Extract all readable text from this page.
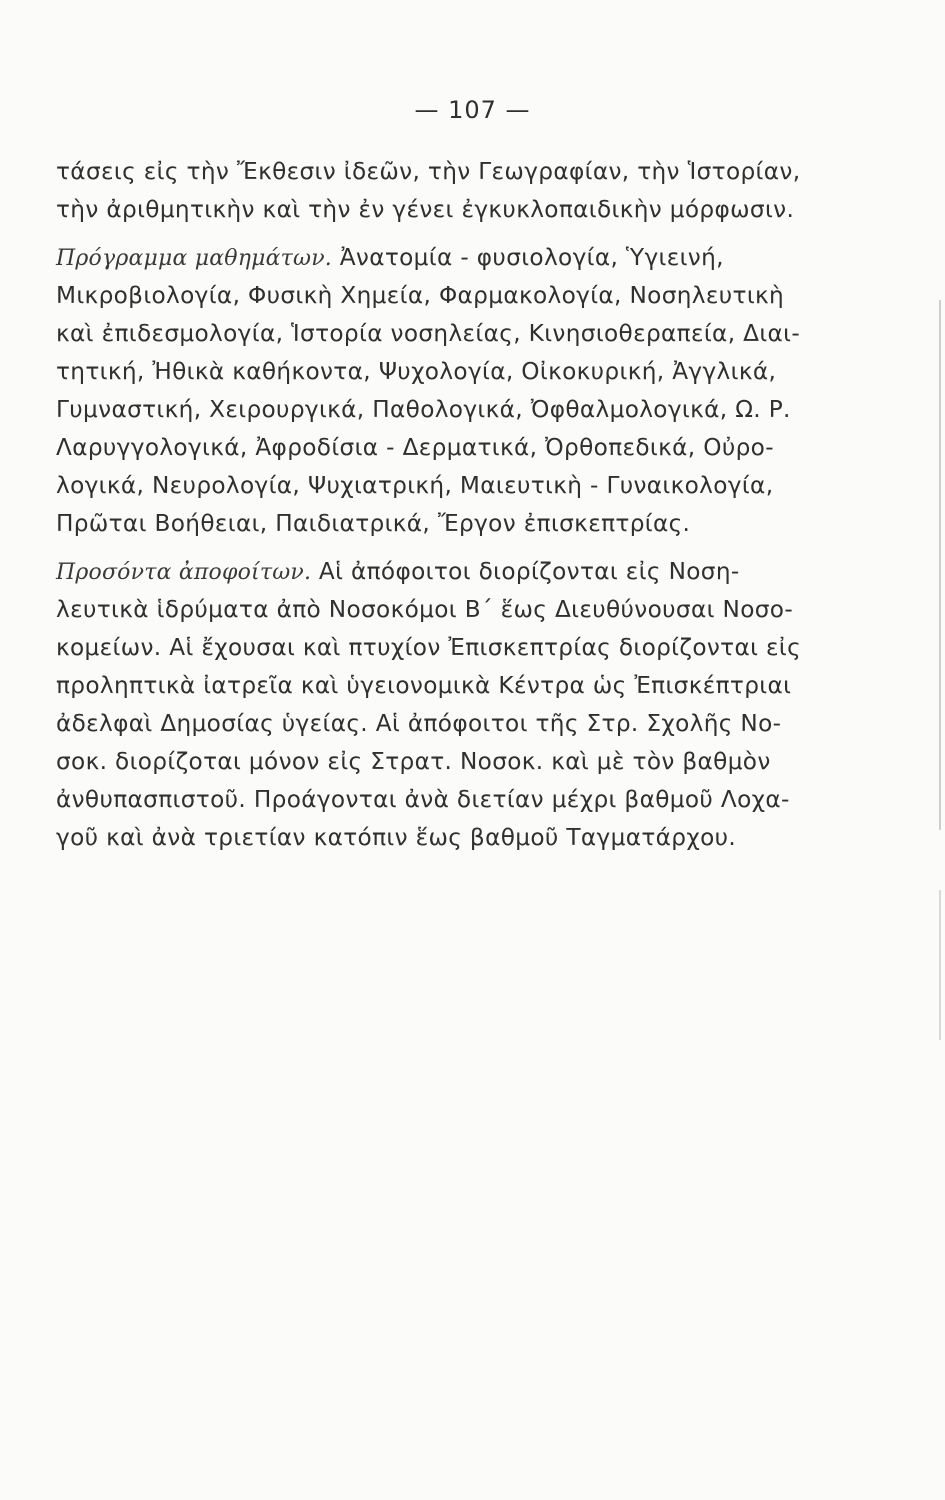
— 107 —
τάσεις εἰς τὴν Ἔκθεσιν ἰδεῶν, τὴν Γεωγραφίαν, τὴν Ἱστορίαν,
τὴν ἀριθμητικὴν καὶ τὴν ἐν γένει ἐγκυκλοπαιδικὴν μόρφωσιν.
Πρόγραμμα μαθημάτων. Ἀνατομία - φυσιολογία, Ὑγιεινή,
Μικροβιολογία, Φυσικὴ Χημεία, Φαρμακολογία, Νοσηλευτικὴ
καὶ ἐπιδεσμολογία, Ἱστορία νοσηλείας, Κινησιοθεραπεία, Διαι-
τητική, Ἠθικὰ καθήκοντα, Ψυχολογία, Οἰκοκυρική, Ἀγγλικά,
Γυμναστική, Χειρουργικά, Παθολογικά, Ὀφθαλμολογικά, Ω. Ρ.
Λαρυγγολογικά, Ἀφροδίσια - Δερματικά, Ὀρθοπεδικά, Οὐρο-
λογικά, Νευρολογία, Ψυχιατρική, Μαιευτικὴ - Γυναικολογία,
Πρῶται Βοήθειαι, Παιδιατρικά, Ἔργον ἐπισκεπτρίας.
Προσόντα ἀποφοίτων. Αἱ ἀπόφοιτοι διορίζονται εἰς Νοση-
λευτικὰ ἱδρύματα ἀπὸ Νοσοκόμοι Β΄ ἕως Διευθύνουσαι Νοσο-
κομείων. Αἱ ἔχουσαι καὶ πτυχίον Ἐπισκεπτρίας διορίζονται εἰς
προληπτικὰ ἰατρεῖα καὶ ὑγειονομικὰ Κέντρα ὡς Ἐπισκέπτριαι
ἀδελφαὶ Δημοσίας ὑγείας. Αἱ ἀπόφοιτοι τῆς Στρ. Σχολῆς Νο-
σοκ. διορίζοται μόνον εἰς Στρατ. Νοσοκ. καὶ μὲ τὸν βαθμὸν
ἀνθυπασπιστοῦ. Προάγονται ἀνὰ διετίαν μέχρι βαθμοῦ Λοχα-
γοῦ καὶ ἀνὰ τριετίαν κατόπιν ἕως βαθμοῦ Ταγματάρχου.
